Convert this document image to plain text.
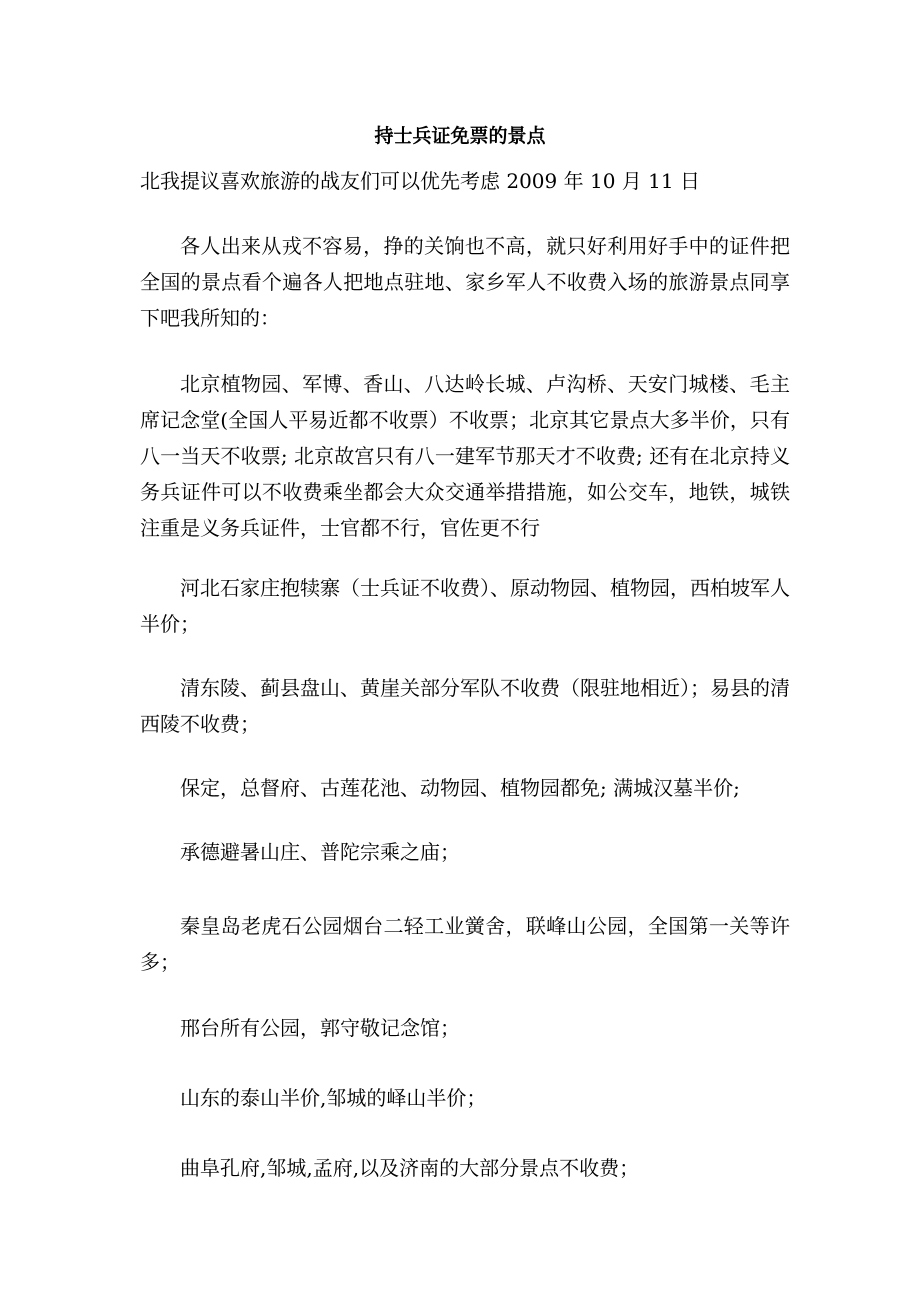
持士兵证免票的景点

北我提议喜欢旅游的战友们可以优先考虑 2009 年 10 月 11 日

各人出来从戎不容易，挣的关饷也不高，就只好利用好手中的证件把全国的景点看个遍各人把地点驻地、家乡军人不收费入场的旅游景点同享下吧我所知的：

北京植物园、军博、香山、八达岭长城、卢沟桥、天安门城楼、毛主席记念堂(全国人平易近都不收票）不收票；北京其它景点大多半价，只有八一当天不收票; 北京故宫只有八一建军节那天才不收费; 还有在北京持义务兵证件可以不收费乘坐都会大众交通举措措施，如公交车，地铁，城铁注重是义务兵证件，士官都不行，官佐更不行

河北石家庄抱犊寨（士兵证不收费）、原动物园、植物园，西柏坡军人半价；

清东陵、蓟县盘山、黄崖关部分军队不收费（限驻地相近）；易县的清西陵不收费；

保定，总督府、古莲花池、动物园、植物园都免; 满城汉墓半价;

承德避暑山庄、普陀宗乘之庙；

秦皇岛老虎石公园烟台二轻工业黉舍，联峰山公园，全国第一关等许多；

邢台所有公园，郭守敬记念馆；

山东的泰山半价,邹城的峄山半价；

曲阜孔府,邹城,孟府,以及济南的大部分景点不收费；
